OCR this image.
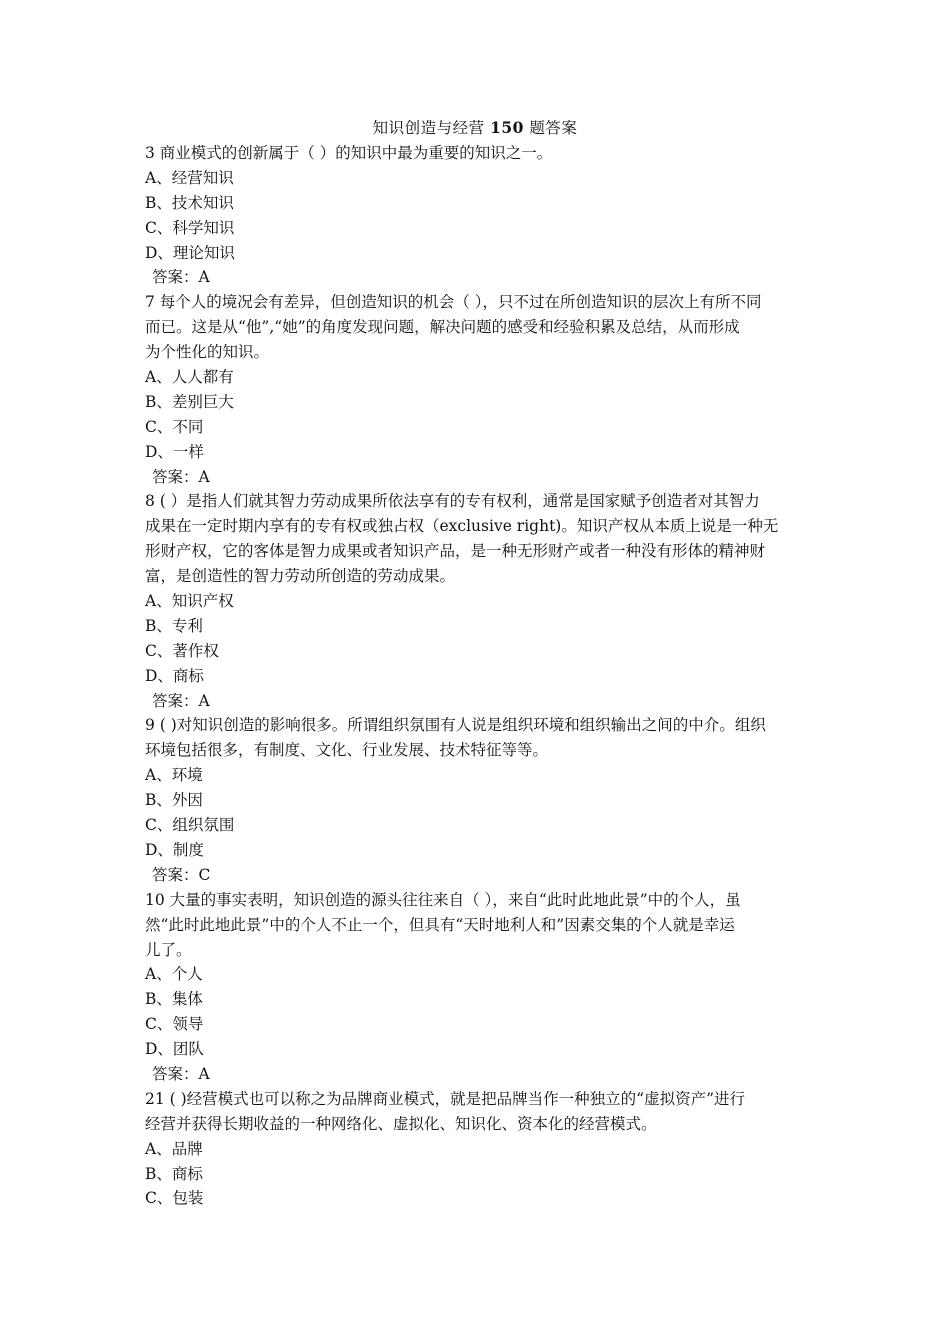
知识创造与经营 150 题答案
3 商业模式的创新属于（ ）的知识中最为重要的知识之一。
A、经营知识
B、技术知识
C、科学知识
D、理论知识
答案：A
7 每个人的境况会有差异，但创造知识的机会（ ），只不过在所创造知识的层次上有所不同
而已。这是从“他”,“她”的角度发现问题，解决问题的感受和经验积累及总结，从而形成
为个性化的知识。
A、人人都有
B、差别巨大
C、不同
D、一样
答案：A
8 ( ）是指人们就其智力劳动成果所依法享有的专有权利，通常是国家赋予创造者对其智力
成果在一定时期内享有的专有权或独占权（exclusive right)。知识产权从本质上说是一种无
形财产权，它的客体是智力成果或者知识产品，是一种无形财产或者一种没有形体的精神财
富，是创造性的智力劳动所创造的劳动成果。
A、知识产权
B、专利
C、著作权
D、商标
答案：A
9 ( )对知识创造的影响很多。所谓组织氛围有人说是组织环境和组织输出之间的中介。组织
环境包括很多，有制度、文化、行业发展、技术特征等等。
A、环境
B、外因
C、组织氛围
D、制度
答案：C
10 大量的事实表明，知识创造的源头往往来自（ ），来自“此时此地此景”中的个人，虽
然“此时此地此景”中的个人不止一个，但具有“天时地利人和”因素交集的个人就是幸运
儿了。
A、个人
B、集体
C、领导
D、团队
答案：A
21 ( )经营模式也可以称之为品牌商业模式，就是把品牌当作一种独立的“虚拟资产”进行
经营并获得长期收益的一种网络化、虚拟化、知识化、资本化的经营模式。
A、品牌
B、商标
C、包装
